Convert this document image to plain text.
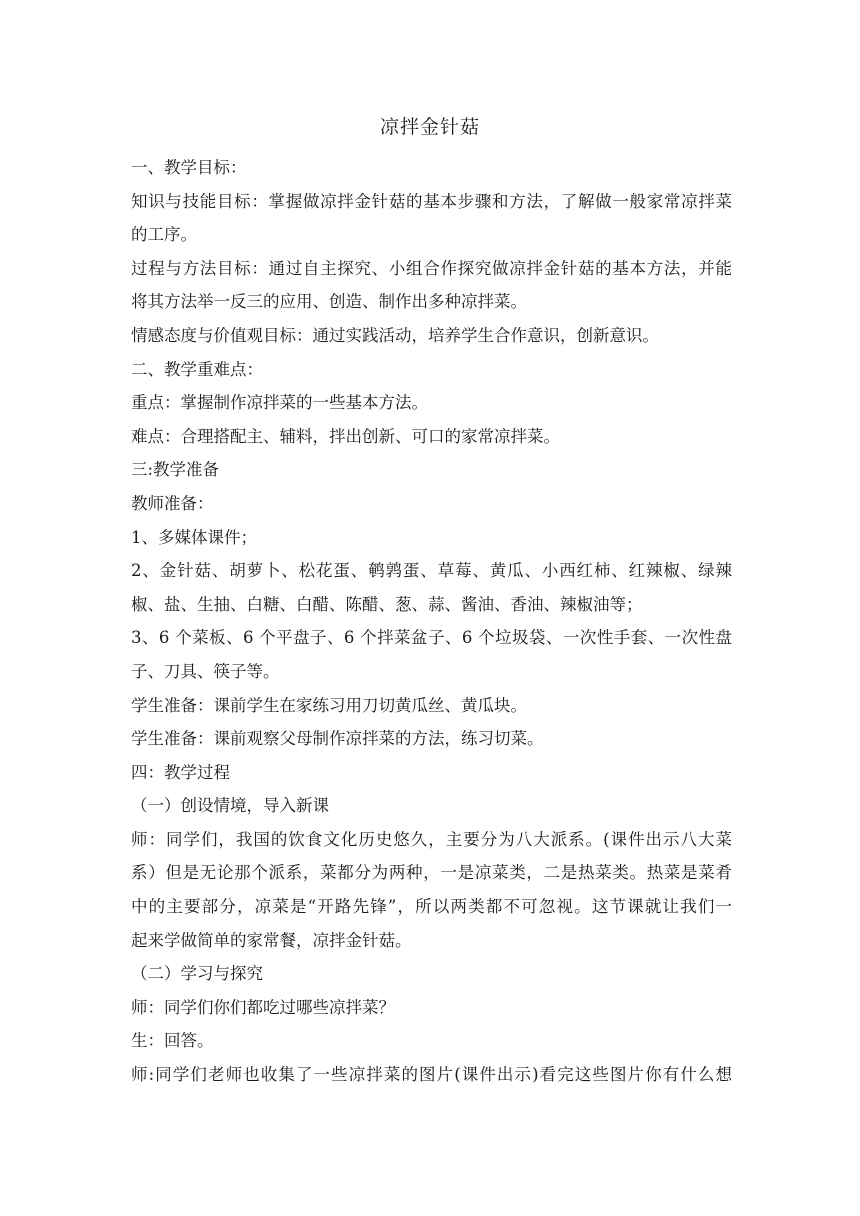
凉拌金针菇
一、教学目标：
知识与技能目标：掌握做凉拌金针菇的基本步骤和方法，了解做一般家常凉拌菜
的工序。
过程与方法目标：通过自主探究、小组合作探究做凉拌金针菇的基本方法，并能
将其方法举一反三的应用、创造、制作出多种凉拌菜。
情感态度与价值观目标：通过实践活动，培养学生合作意识，创新意识。
二、教学重难点：
重点：掌握制作凉拌菜的一些基本方法。
难点：合理搭配主、辅料，拌出创新、可口的家常凉拌菜。
三:教学准备
教师准备：
1、多媒体课件；
2、金针菇、胡萝卜、松花蛋、鹌鹑蛋、草莓、黄瓜、小西红柿、红辣椒、绿辣
椒、盐、生抽、白糖、白醋、陈醋、葱、蒜、酱油、香油、辣椒油等；
3、6 个菜板、6 个平盘子、6 个拌菜盆子、6 个垃圾袋、一次性手套、一次性盘
子、刀具、筷子等。
学生准备：课前学生在家练习用刀切黄瓜丝、黄瓜块。
学生准备：课前观察父母制作凉拌菜的方法，练习切菜。
四：教学过程
（一）创设情境，导入新课
师：同学们，我国的饮食文化历史悠久，主要分为八大派系。(课件出示八大菜
系）但是无论那个派系，菜都分为两种，一是凉菜类，二是热菜类。热菜是菜肴
中的主要部分，凉菜是“开路先锋”，所以两类都不可忽视。这节课就让我们一
起来学做简单的家常餐，凉拌金针菇。
（二）学习与探究
师：同学们你们都吃过哪些凉拌菜？
生：回答。
师:同学们老师也收集了一些凉拌菜的图片(课件出示)看完这些图片你有什么想
